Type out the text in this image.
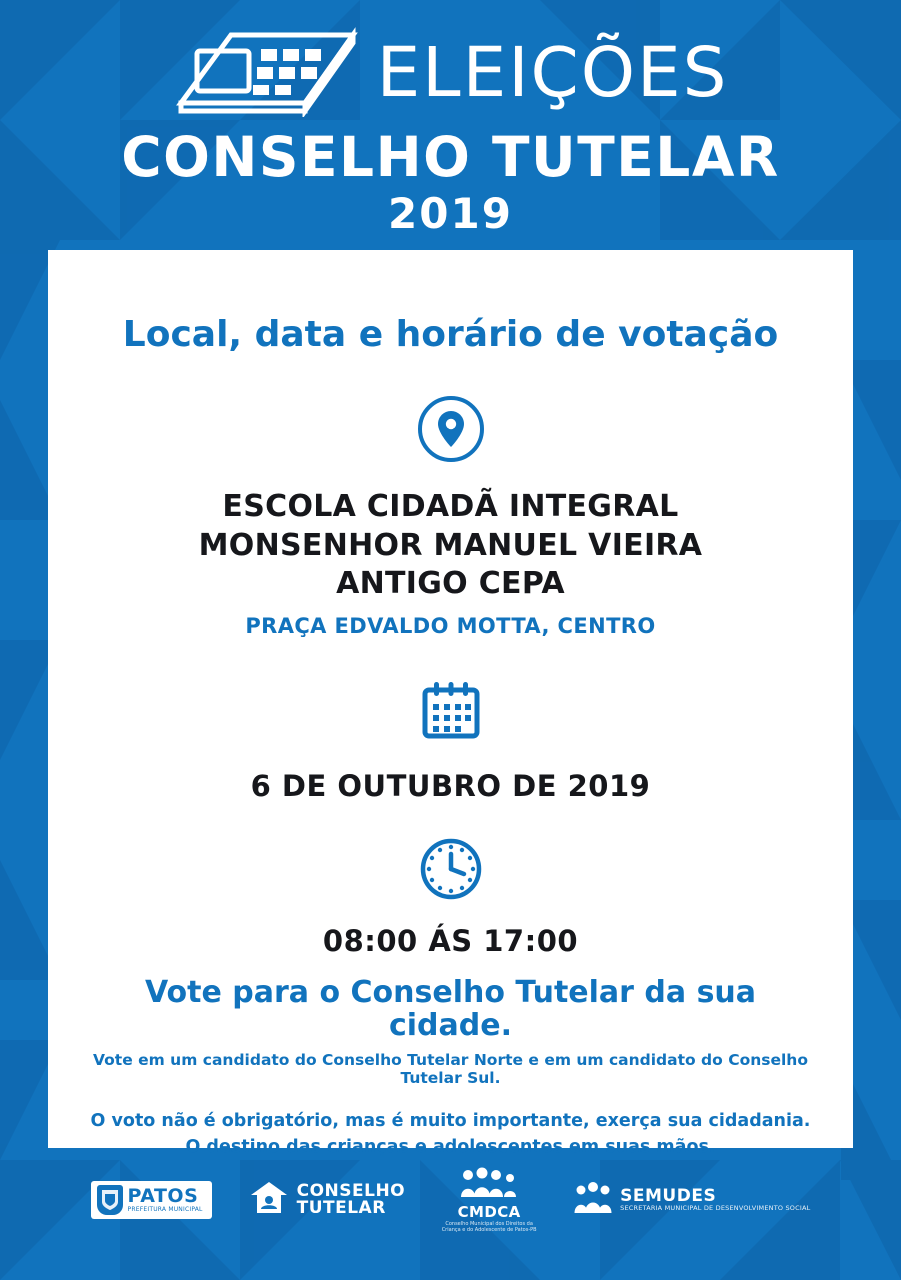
ELEIÇÕES
CONSELHO TUTELAR
2019
Local, data e horário de votação
ESCOLA CIDADÃ INTEGRAL
MONSENHOR MANUEL VIEIRA
ANTIGO CEPA
PRAÇA EDVALDO MOTTA, CENTRO
6 DE OUTUBRO DE 2019
08:00 ÁS 17:00
Vote para o Conselho Tutelar da sua cidade.
Vote em um candidato do Conselho Tutelar Norte e em um candidato do Conselho Tutelar Sul.
O voto não é obrigatório, mas é muito importante, exerça sua cidadania.
O destino das crianças e adolescentes em suas mãos.
PATOS
PREFEITURA MUNICIPAL
CONSELHO
TUTELAR	CMDCA
Conselho Municipal dos Direitos da Criança e do Adolescente de Patos-PB
SEMUDES
SECRETARIA MUNICIPAL DE DESENVOLVIMENTO SOCIAL
